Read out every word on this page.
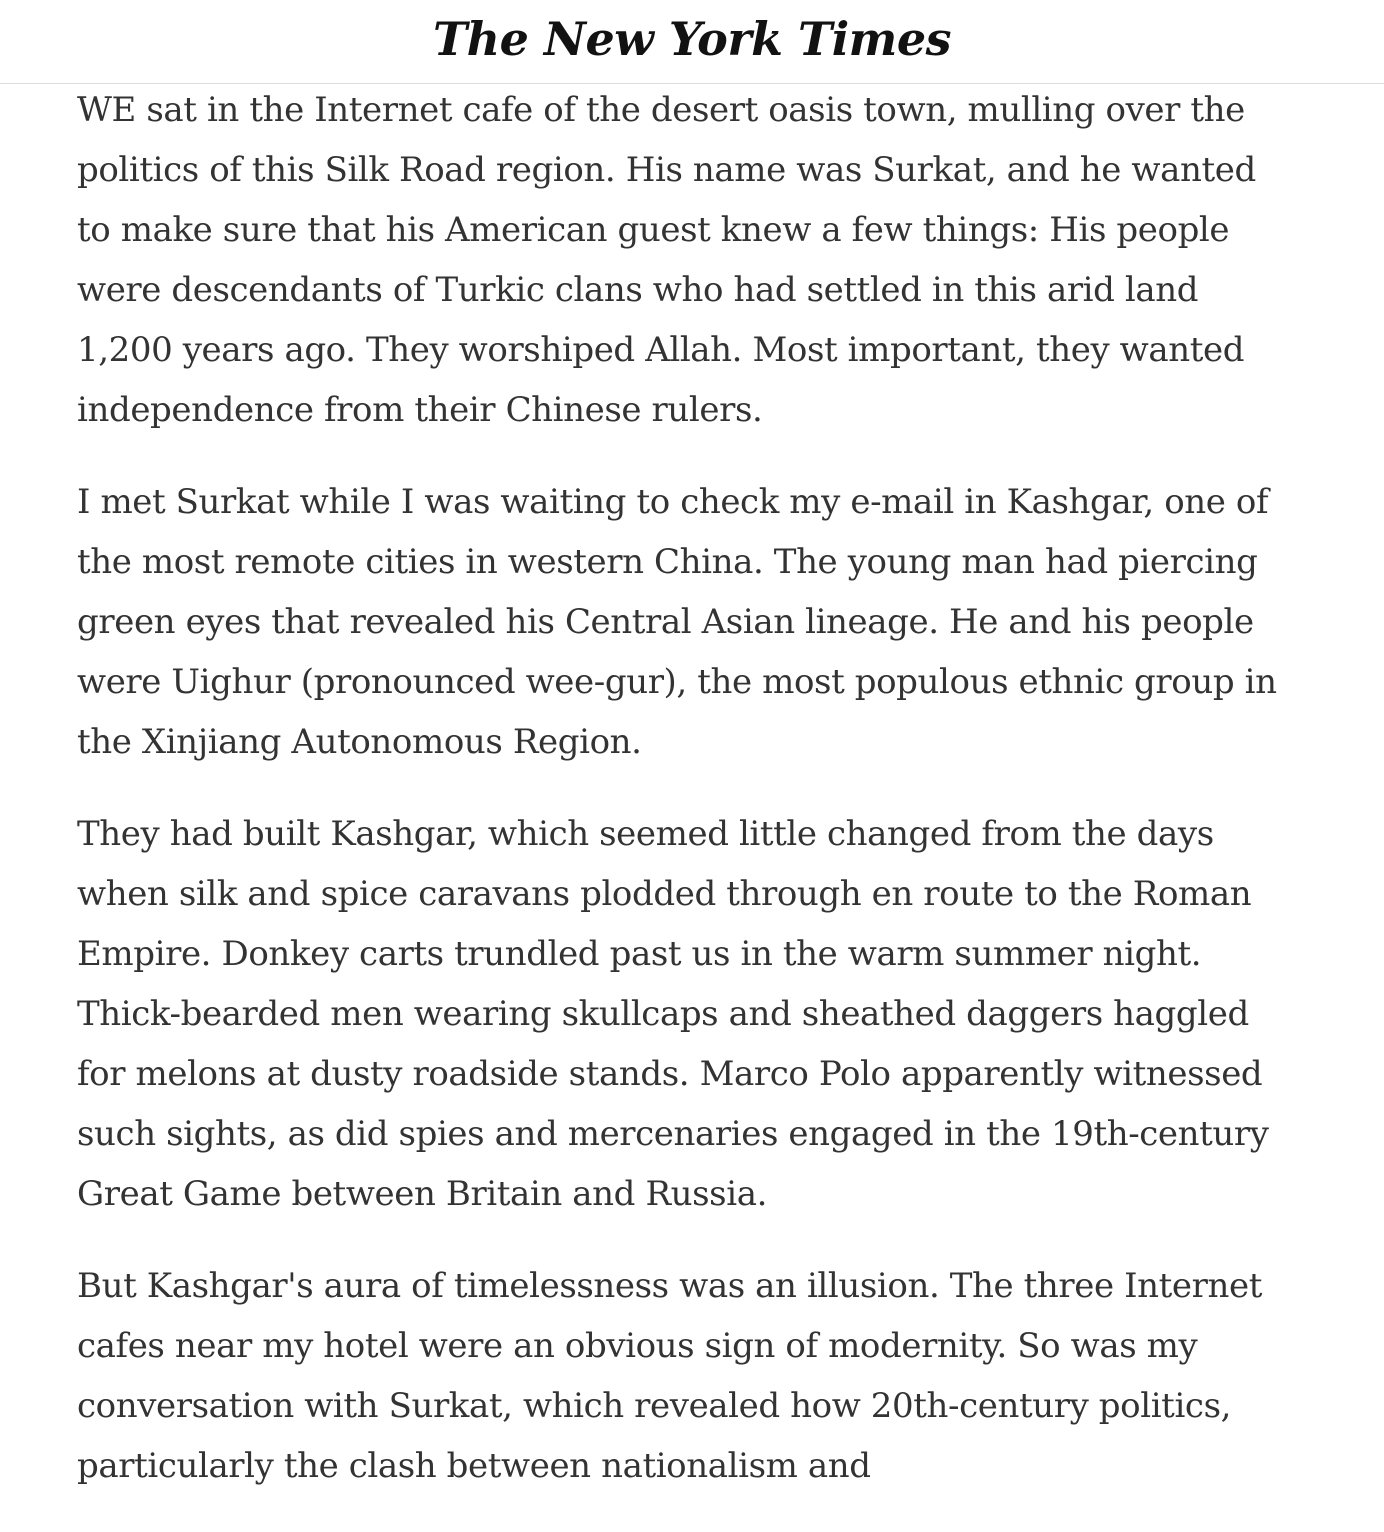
The New York Times

WE sat in the Internet cafe of the desert oasis town, mulling over the politics of this Silk Road region. His name was Surkat, and he wanted to make sure that his American guest knew a few things: His people were descendants of Turkic clans who had settled in this arid land 1,200 years ago. They worshiped Allah. Most important, they wanted independence from their Chinese rulers.

I met Surkat while I was waiting to check my e-mail in Kashgar, one of the most remote cities in western China. The young man had piercing green eyes that revealed his Central Asian lineage. He and his people were Uighur (pronounced wee-gur), the most populous ethnic group in the Xinjiang Autonomous Region.

They had built Kashgar, which seemed little changed from the days when silk and spice caravans plodded through en route to the Roman Empire. Donkey carts trundled past us in the warm summer night. Thick-bearded men wearing skullcaps and sheathed daggers haggled for melons at dusty roadside stands. Marco Polo apparently witnessed such sights, as did spies and mercenaries engaged in the 19th-century Great Game between Britain and Russia.

But Kashgar's aura of timelessness was an illusion. The three Internet cafes near my hotel were an obvious sign of modernity. So was my conversation with Surkat, which revealed how 20th-century politics, particularly the clash between nationalism and
